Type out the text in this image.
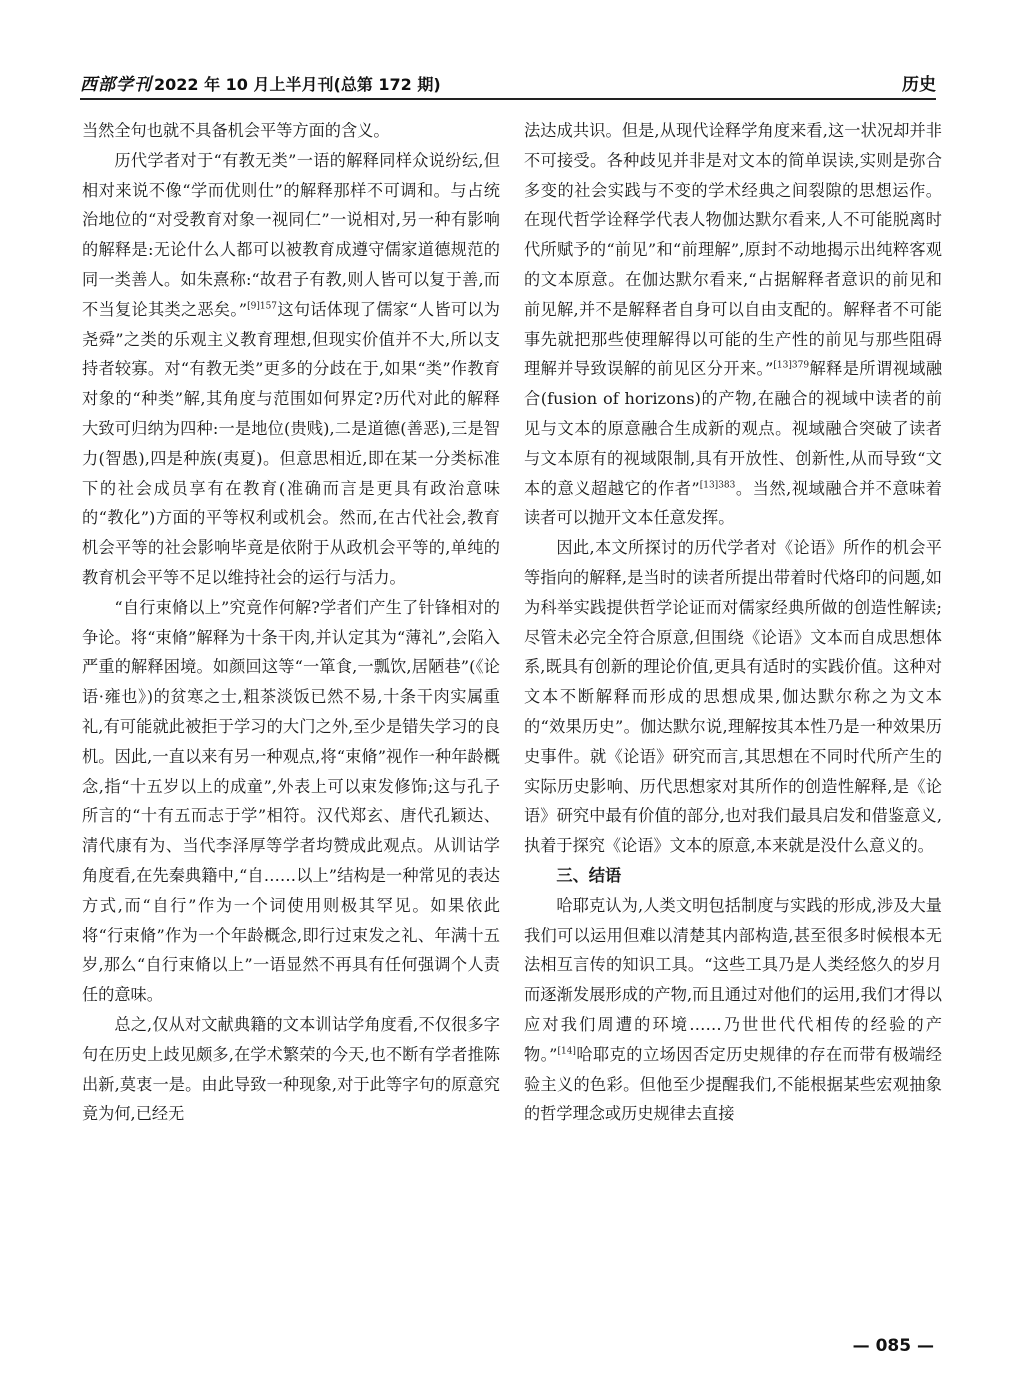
西部学刊 2022 年 10 月上半月刊(总第 172 期)	历史

当然全句也就不具备机会平等方面的含义。

历代学者对于“有教无类”一语的解释同样众说纷纭,但相对来说不像“学而优则仕”的解释那样不可调和。与占统治地位的“对受教育对象一视同仁”一说相对,另一种有影响的解释是:无论什么人都可以被教育成遵守儒家道德规范的同一类善人。如朱熹称:“故君子有教,则人皆可以复于善,而不当复论其类之恶矣。”$^{[9]157}$这句话体现了儒家“人皆可以为尧舜”之类的乐观主义教育理想,但现实价值并不大,所以支持者较寡。对“有教无类”更多的分歧在于,如果“类”作教育对象的“种类”解,其角度与范围如何界定?历代对此的解释大致可归纳为四种:一是地位(贵贱),二是道德(善恶),三是智力(智愚),四是种族(夷夏)。但意思相近,即在某一分类标准下的社会成员享有在教育(准确而言是更具有政治意味的“教化”)方面的平等权利或机会。然而,在古代社会,教育机会平等的社会影响毕竟是依附于从政机会平等的,单纯的教育机会平等不足以维持社会的运行与活力。

“自行束脩以上”究竟作何解?学者们产生了针锋相对的争论。将“束脩”解释为十条干肉,并认定其为“薄礼”,会陷入严重的解释困境。如颜回这等“一箪食,一瓢饮,居陋巷”(《论语·雍也》)的贫寒之士,粗茶淡饭已然不易,十条干肉实属重礼,有可能就此被拒于学习的大门之外,至少是错失学习的良机。因此,一直以来有另一种观点,将“束脩”视作一种年龄概念,指“十五岁以上的成童”,外表上可以束发修饰;这与孔子所言的“十有五而志于学”相符。汉代郑玄、唐代孔颖达、清代康有为、当代李泽厚等学者均赞成此观点。从训诂学角度看,在先秦典籍中,“自……以上”结构是一种常见的表达方式,而“自行”作为一个词使用则极其罕见。如果依此将“行束脩”作为一个年龄概念,即行过束发之礼、年满十五岁,那么“自行束脩以上”一语显然不再具有任何强调个人责任的意味。

总之,仅从对文献典籍的文本训诂学角度看,不仅很多字句在历史上歧见颇多,在学术繁荣的今天,也不断有学者推陈出新,莫衷一是。由此导致一种现象,对于此等字句的原意究竟为何,已经无

法达成共识。但是,从现代诠释学角度来看,这一状况却并非不可接受。各种歧见并非是对文本的简单误读,实则是弥合多变的社会实践与不变的学术经典之间裂隙的思想运作。在现代哲学诠释学代表人物伽达默尔看来,人不可能脱离时代所赋予的“前见”和“前理解”,原封不动地揭示出纯粹客观的文本原意。在伽达默尔看来,“占据解释者意识的前见和前见解,并不是解释者自身可以自由支配的。解释者不可能事先就把那些使理解得以可能的生产性的前见与那些阻碍理解并导致误解的前见区分开来。”$^{[13]379}$解释是所谓视域融合(fusion of horizons)的产物,在融合的视域中读者的前见与文本的原意融合生成新的观点。视域融合突破了读者与文本原有的视域限制,具有开放性、创新性,从而导致“文本的意义超越它的作者”$^{[13]383}$。当然,视域融合并不意味着读者可以抛开文本任意发挥。

因此,本文所探讨的历代学者对《论语》所作的机会平等指向的解释,是当时的读者所提出带着时代烙印的问题,如为科举实践提供哲学论证而对儒家经典所做的创造性解读;尽管未必完全符合原意,但围绕《论语》文本而自成思想体系,既具有创新的理论价值,更具有适时的实践价值。这种对文本不断解释而形成的思想成果,伽达默尔称之为文本的“效果历史”。伽达默尔说,理解按其本性乃是一种效果历史事件。就《论语》研究而言,其思想在不同时代所产生的实际历史影响、历代思想家对其所作的创造性解释,是《论语》研究中最有价值的部分,也对我们最具启发和借鉴意义,执着于探究《论语》文本的原意,本来就是没什么意义的。

三、结语

哈耶克认为,人类文明包括制度与实践的形成,涉及大量我们可以运用但难以清楚其内部构造,甚至很多时候根本无法相互言传的知识工具。“这些工具乃是人类经悠久的岁月而逐渐发展形成的产物,而且通过对他们的运用,我们才得以应对我们周遭的环境……乃世世代代相传的经验的产物。”[14]哈耶克的立场因否定历史规律的存在而带有极端经验主义的色彩。但他至少提醒我们,不能根据某些宏观抽象的哲学理念或历史规律去直接

— 085 —
